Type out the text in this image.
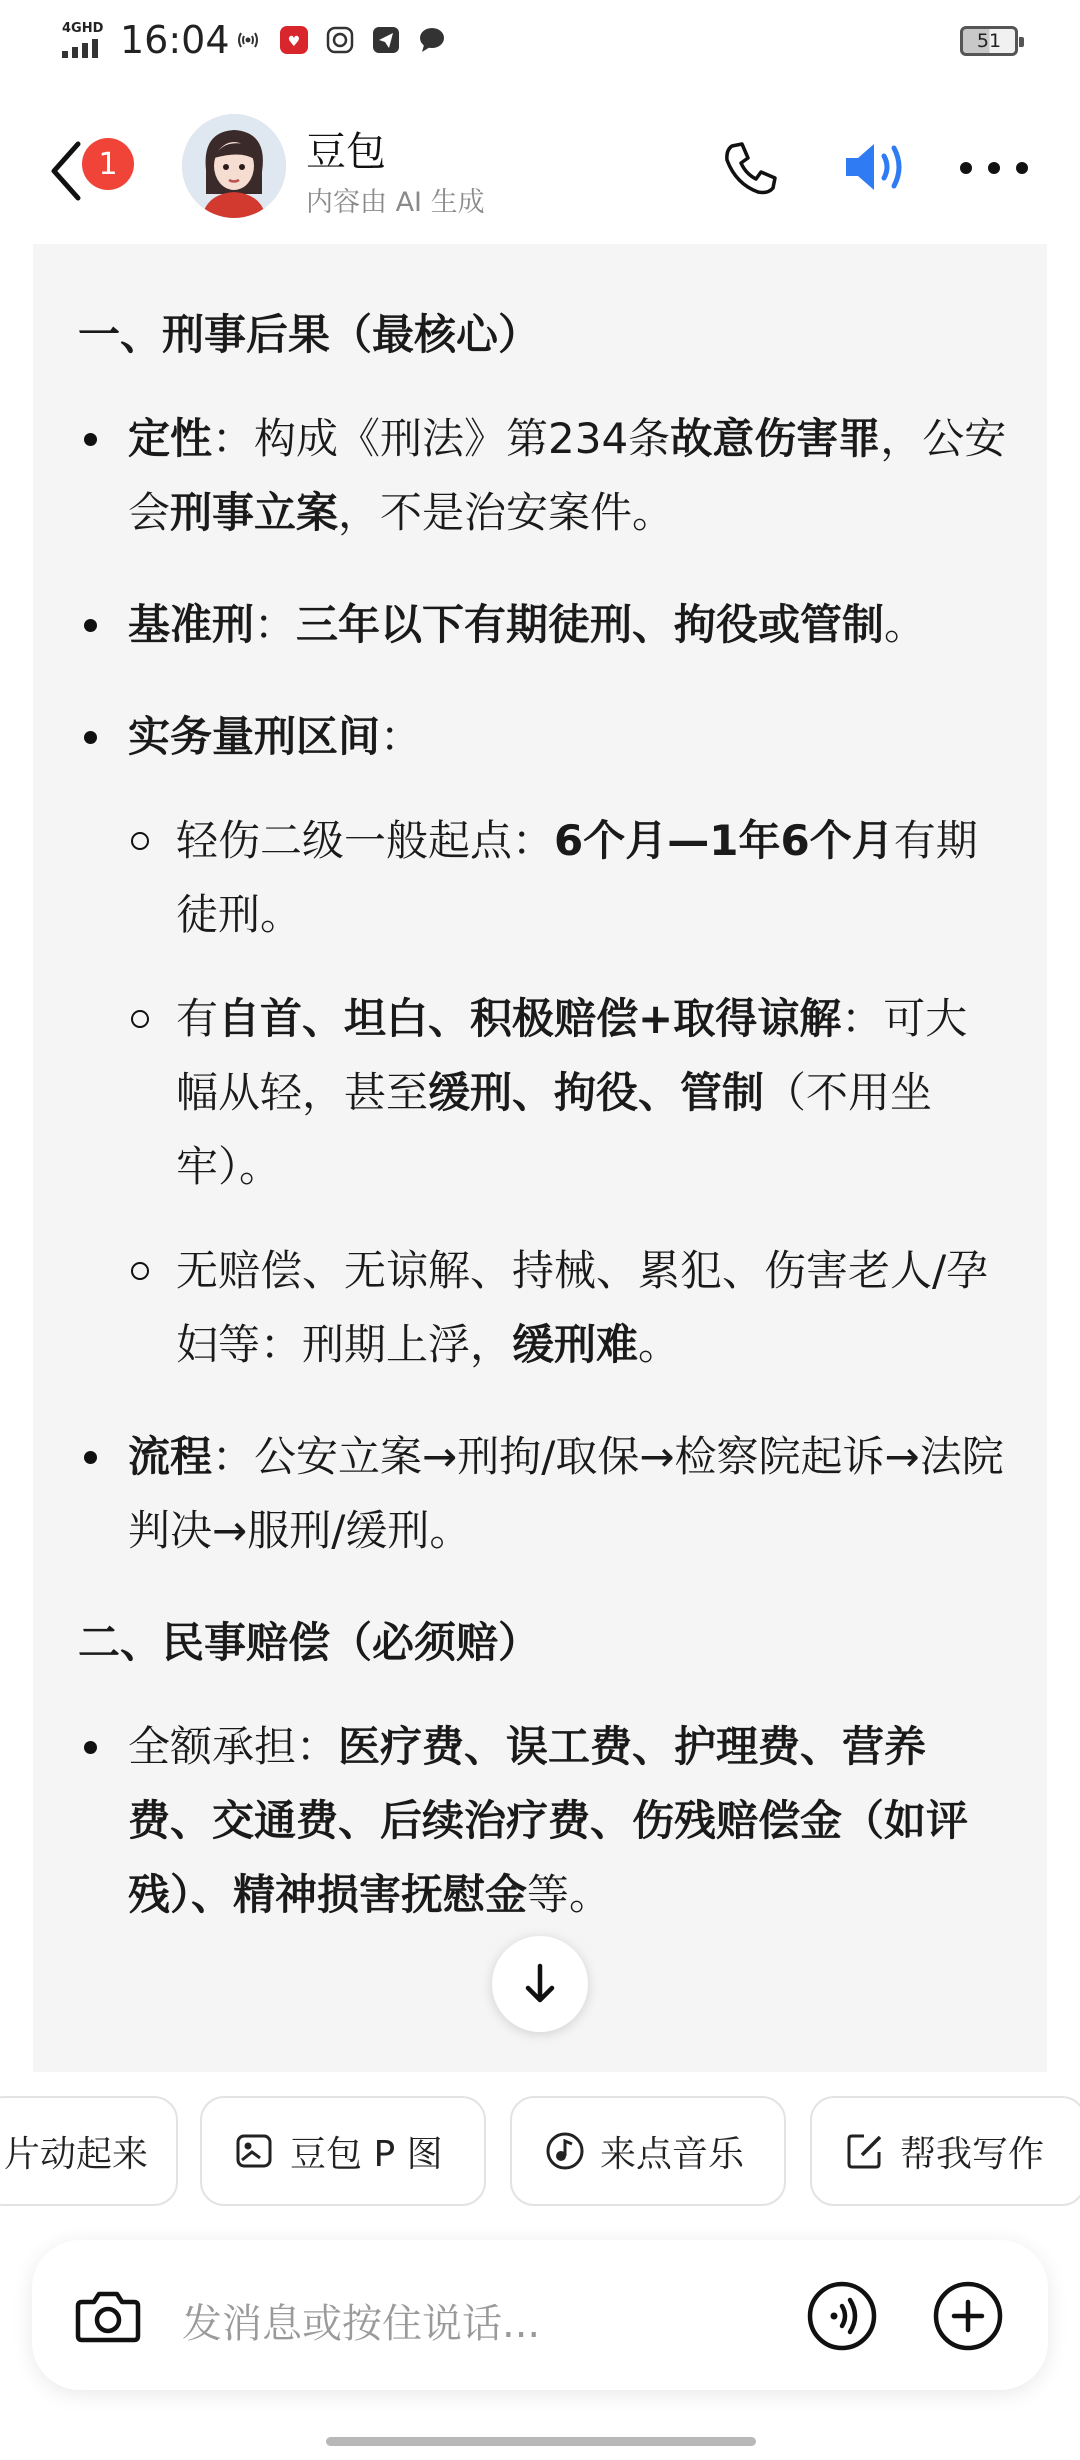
4GHD 16:04	♥	51
1	豆包
内容由 AI 生成
一、刑事后果（最核心）
定性：构成《刑法》第234条故意伤害罪，公安会刑事立案，不是治安案件。
基准刑：三年以下有期徒刑、拘役或管制。
实务量刑区间：
轻伤二级一般起点：6个月—1年6个月有期徒刑。
有自首、坦白、积极赔偿+取得谅解：可大幅从轻，甚至缓刑、拘役、管制（不用坐牢）。
无赔偿、无谅解、持械、累犯、伤害老人/孕妇等：刑期上浮，缓刑难。
流程：公安立案→刑拘/取保→检察院起诉→法院判决→服刑/缓刑。
二、民事赔偿（必须赔）
全额承担：医疗费、误工费、护理费、营养费、交通费、后续治疗费、伤残赔偿金（如评残）、精神损害抚慰金等。
片动起来	豆包 P 图	来点音乐	帮我写作
发消息或按住说话...
